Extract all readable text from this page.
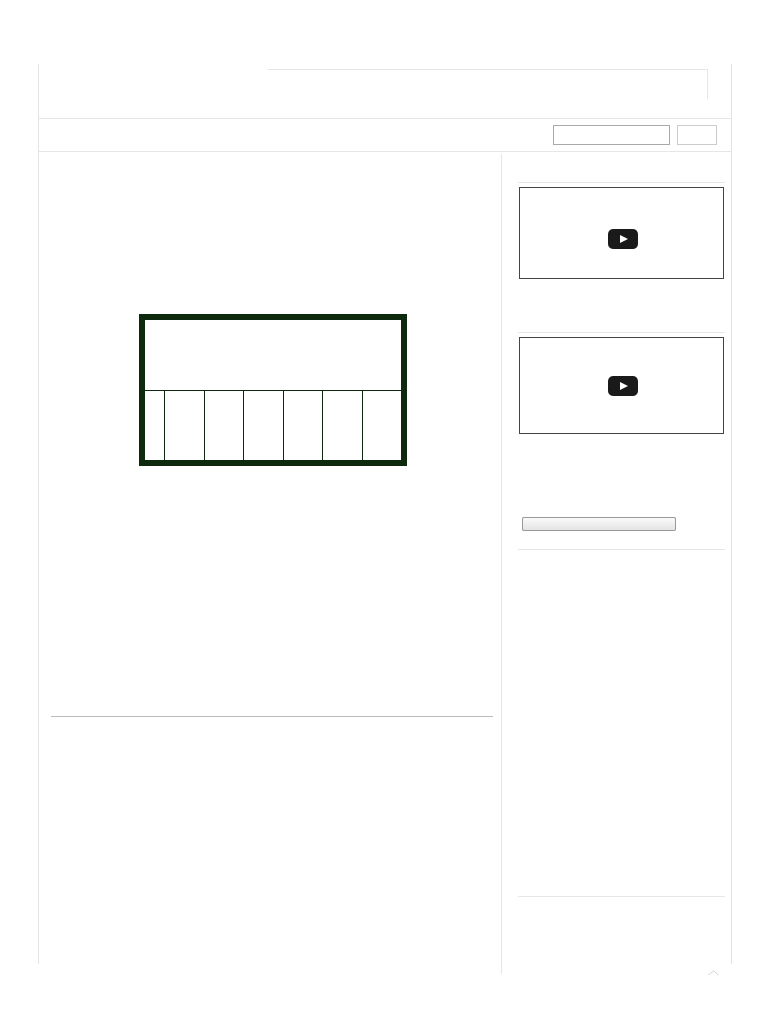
︿
